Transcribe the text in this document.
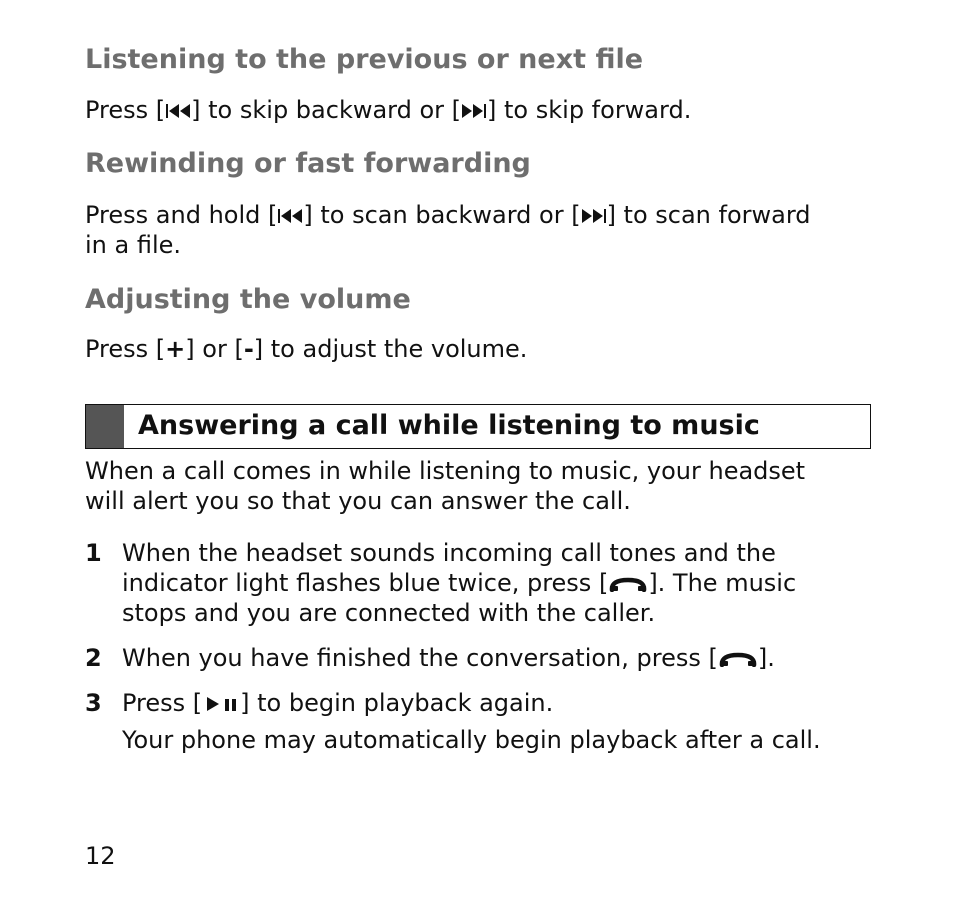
Listening to the previous or next file

Press [ ] to skip backward or [ ] to skip forward.

Rewinding or fast forwarding

Press and hold [ ] to scan backward or [ ] to scan forward
in a file.

Adjusting the volume

Press [+] or [-] to adjust the volume.

Answering a call while listening to music

When a call comes in while listening to music, your headset
will alert you so that you can answer the call.

1 When the headset sounds incoming call tones and the
indicator light flashes blue twice, press [ ]. The music
stops and you are connected with the caller.
2 When you have finished the conversation, press [ ].
3 Press [ ] to begin playback again.
Your phone may automatically begin playback after a call.
12
